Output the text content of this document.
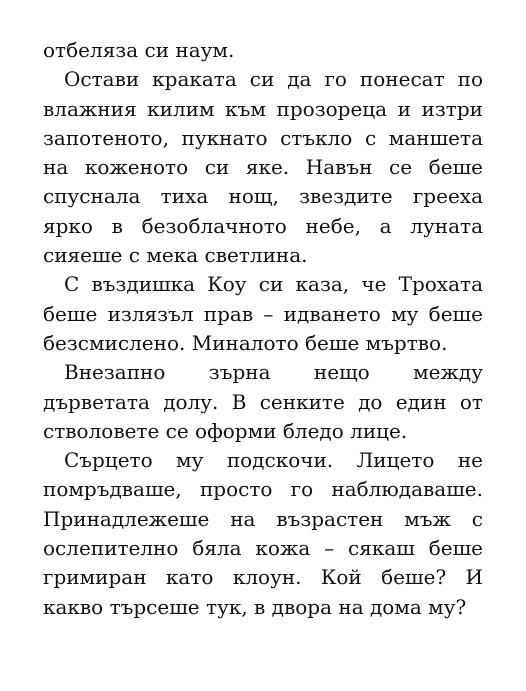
отбеляза си наум.

Остави краката си да го понесат по влажния килим към прозореца и изтри запотеното, пукнато стъкло с маншета на коженото си яке. Навън се беше спуснала тиха нощ, звездите грееха ярко в безоблачното небе, а луната сияеше с мека светлина.

С въздишка Коу си каза, че Трохата беше излязъл прав – идването му беше безсмислено. Миналото беше мъртво.

Внезапно зърна нещо между дърветата долу. В сенките до един от стволовете се оформи бледо лице.

Сърцето му подскочи. Лицето не помръдваше, просто го наблюдаваше. Принадлежеше на възрастен мъж с ослепително бяла кожа – сякаш беше гримиран като клоун. Кой беше? И какво търсеше тук, в двора на дома му?
